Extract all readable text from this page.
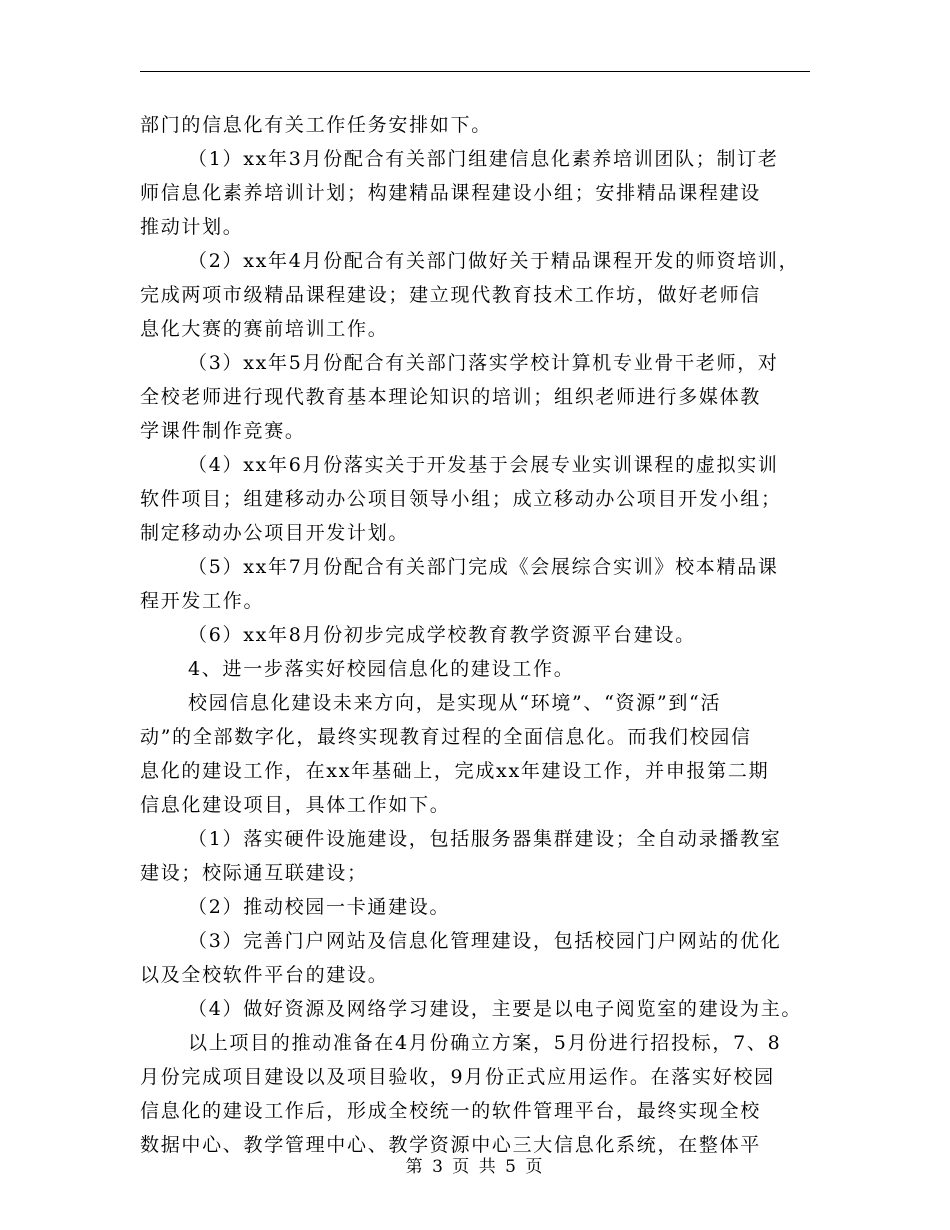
部门的信息化有关工作任务安排如下。
（1）xx年3月份配合有关部门组建信息化素养培训团队；制订老
师信息化素养培训计划；构建精品课程建设小组；安排精品课程建设
推动计划。
（2）xx年4月份配合有关部门做好关于精品课程开发的师资培训，
完成两项市级精品课程建设；建立现代教育技术工作坊，做好老师信
息化大赛的赛前培训工作。
（3）xx年5月份配合有关部门落实学校计算机专业骨干老师，对
全校老师进行现代教育基本理论知识的培训；组织老师进行多媒体教
学课件制作竞赛。
（4）xx年6月份落实关于开发基于会展专业实训课程的虚拟实训
软件项目；组建移动办公项目领导小组；成立移动办公项目开发小组；
制定移动办公项目开发计划。
（5）xx年7月份配合有关部门完成《会展综合实训》校本精品课
程开发工作。
（6）xx年8月份初步完成学校教育教学资源平台建设。
4、进一步落实好校园信息化的建设工作。
校园信息化建设未来方向，是实现从“环境”、“资源”到“活
动”的全部数字化，最终实现教育过程的全面信息化。而我们校园信
息化的建设工作，在xx年基础上，完成xx年建设工作，并申报第二期
信息化建设项目，具体工作如下。
（1）落实硬件设施建设，包括服务器集群建设；全自动录播教室
建设；校际通互联建设；
（2）推动校园一卡通建设。
（3）完善门户网站及信息化管理建设，包括校园门户网站的优化
以及全校软件平台的建设。
（4）做好资源及网络学习建设，主要是以电子阅览室的建设为主。
以上项目的推动准备在4月份确立方案，5月份进行招投标，7、8
月份完成项目建设以及项目验收，9月份正式应用运作。在落实好校园
信息化的建设工作后，形成全校统一的软件管理平台，最终实现全校
数据中心、教学管理中心、教学资源中心三大信息化系统，在整体平
第 3 页 共 5 页
